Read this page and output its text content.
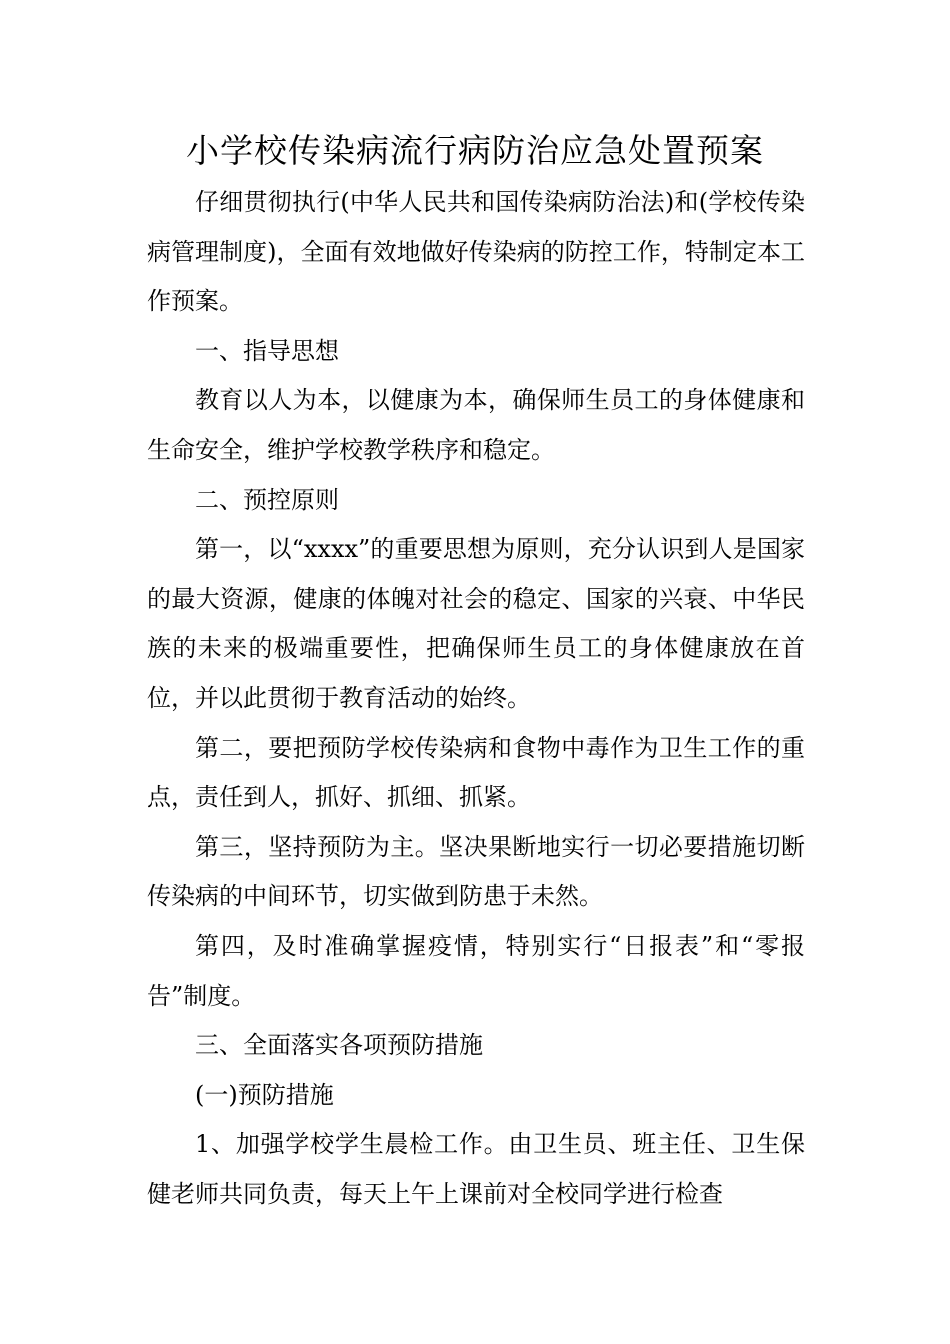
小学校传染病流行病防治应急处置预案

仔细贯彻执行(中华人民共和国传染病防治法)和(学校传染病管理制度)，全面有效地做好传染病的防控工作，特制定本工作预案。

一、指导思想

教育以人为本，以健康为本，确保师生员工的身体健康和生命安全，维护学校教学秩序和稳定。

二、预控原则

第一，以“xxxx”的重要思想为原则，充分认识到人是国家的最大资源，健康的体魄对社会的稳定、国家的兴衰、中华民族的未来的极端重要性，把确保师生员工的身体健康放在首位，并以此贯彻于教育活动的始终。

第二，要把预防学校传染病和食物中毒作为卫生工作的重点，责任到人，抓好、抓细、抓紧。

第三，坚持预防为主。坚决果断地实行一切必要措施切断传染病的中间环节，切实做到防患于未然。

第四，及时准确掌握疫情，特别实行“日报表”和“零报告”制度。

三、全面落实各项预防措施

(一)预防措施

1、加强学校学生晨检工作。由卫生员、班主任、卫生保健老师共同负责，每天上午上课前对全校同学进行检查
